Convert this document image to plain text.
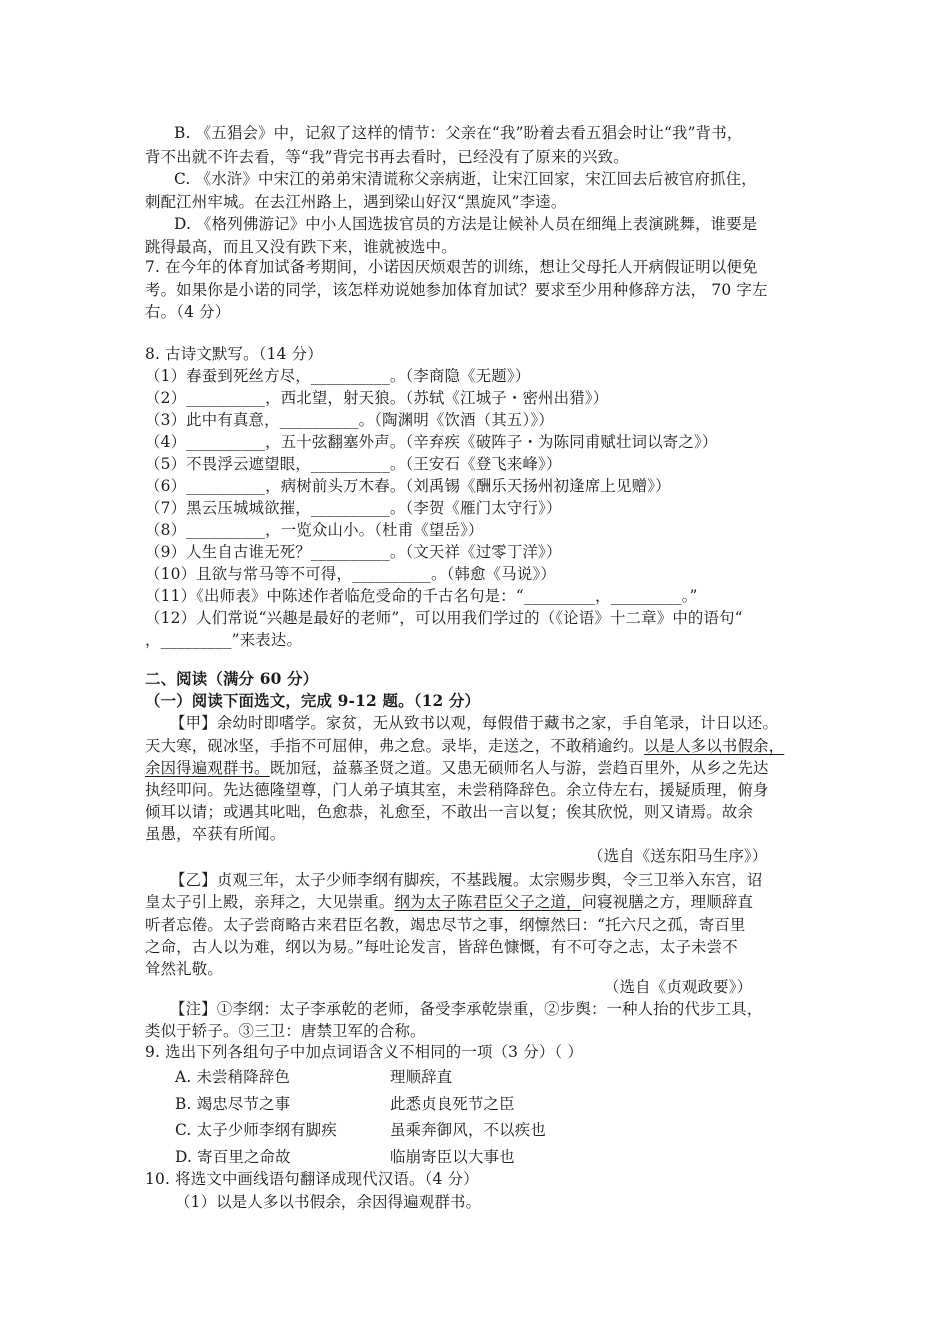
B. 《五猖会》中，记叙了这样的情节：父亲在“我”盼着去看五猖会时让“我”背书，
背不出就不许去看，等“我”背完书再去看时，已经没有了原来的兴致。
C. 《水浒》中宋江的弟弟宋清谎称父亲病逝，让宋江回家，宋江回去后被官府抓住，
刺配江州牢城。在去江州路上，遇到梁山好汉“黑旋风”李逵。
D. 《格列佛游记》中小人国选拔官员的方法是让候补人员在细绳上表演跳舞，谁要是
跳得最高，而且又没有跌下来，谁就被选中。
7. 在今年的体育加试备考期间，小诺因厌烦艰苦的训练，想让父母托人开病假证明以便免
考。如果你是小诺的同学，该怎样劝说她参加体育加试？要求至少用种修辞方法， 70 字左
右。（4 分）
8. 古诗文默写。（14 分）
（1）春蚕到死丝方尽，__________。（李商隐《无题》）
（2）__________，西北望，射天狼。（苏轼《江城子・密州出猎》）
（3）此中有真意，__________。（陶渊明《饮酒（其五）》）
（4）__________，五十弦翻塞外声。（辛弃疾《破阵子・为陈同甫赋壮词以寄之》）
（5）不畏浮云遮望眼，__________。（王安石《登飞来峰》）
（6）__________，病树前头万木春。（刘禹锡《酬乐天扬州初逢席上见赠》）
（7）黑云压城城欲摧，__________。（李贺《雁门太守行》）
（8）__________，一览众山小。（杜甫《望岳》）
（9）人生自古谁无死？__________。（文天祥《过零丁洋》）
（10）且欲与常马等不可得，__________。（韩愈《马说》）
（11）《出师表》中陈述作者临危受命的千古名句是：“_________，_________。”
（12）人们常说“兴趣是最好的老师”，可以用我们学过的（《论语》十二章》中的语句“
，_________”来表达。
二、阅读（满分 60 分）
（一）阅读下面选文，完成 9-12 题。（12 分）
【甲】余幼时即嗜学。家贫，无从致书以观，每假借于藏书之家，手自笔录，计日以还。
天大寒，砚冰坚，手指不可屈伸，弗之怠。录毕，走送之，不敢稍逾约。以是人多以书假余，
余因得遍观群书。既加冠，益慕圣贤之道。又患无硕师名人与游，尝趋百里外，从乡之先达
执经叩问。先达德隆望尊，门人弟子填其室，未尝稍降辞色。余立侍左右，援疑质理，俯身
倾耳以请；或遇其叱咄，色愈恭，礼愈至，不敢出一言以复；俟其欣悦，则又请焉。故余
虽愚，卒获有所闻。
（选自《送东阳马生序》）
【乙】贞观三年，太子少师李纲有脚疾，不基践履。太宗赐步舆，令三卫举入东宫，诏
皇太子引上殿，亲拜之，大见崇重。纲为太子陈君臣父子之道，问寝视膳之方，理顺辞直
听者忘倦。太子尝商略古来君臣名教，竭忠尽节之事，纲懔然曰：“托六尺之孤，寄百里
之命，古人以为难，纲以为易。”每吐论发言，皆辞色慷慨，有不可夺之志，太子未尝不
耸然礼敬。
（选自《贞观政要》）
【注】①李纲：太子李承乾的老师，备受李承乾崇重，②步舆：一种人抬的代步工具，
类似于轿子。③三卫：唐禁卫军的合称。
9. 选出下列各组句子中加点词语含义不相同的一项（3 分）（ ）
A. 未尝稍降辞色	理顺辞直
B. 竭忠尽节之事	此悉贞良死节之臣
C. 太子少师李纲有脚疾	虽乘奔御风，不以疾也
D. 寄百里之命故	临崩寄臣以大事也
10. 将选文中画线语句翻译成现代汉语。（4 分）
（1）以是人多以书假余，余因得遍观群书。
